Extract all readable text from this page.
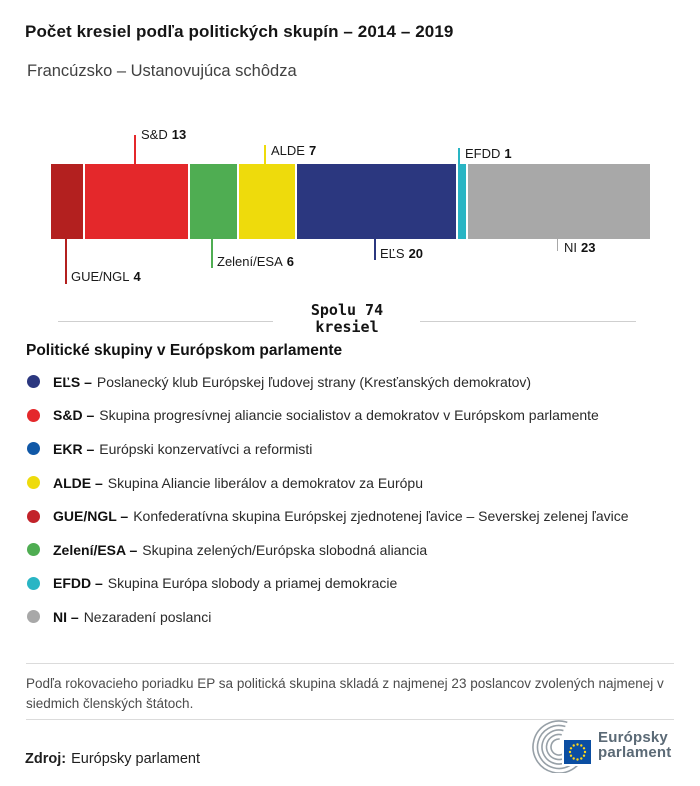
Počet kresiel podľa politických skupín – 2014 – 2019
Francúzsko – Ustanovujúca schôdza
S&D 13
ALDE 7	EFDD 1
GUE/NGL 4
Zelení/ESA 6
EĽS 20	NI 23
Spolu 74
kresiel
Politické skupiny v Európskom parlamente
EĽS – Poslanecký klub Európskej ľudovej strany (Kresťanských demokratov)
S&D – Skupina progresívnej aliancie socialistov a demokratov v Európskom parlamente
EKR – Európski konzervatívci a reformisti
ALDE – Skupina Aliancie liberálov a demokratov za Európu
GUE/NGL – Konfederatívna skupina Európskej zjednotenej ľavice – Severskej zelenej ľavice
Zelení/ESA – Skupina zelených/Európska slobodná aliancia
EFDD – Skupina Európa slobody a priamej demokracie
NI – Nezaradení poslanci
Podľa rokovacieho poriadku EP sa politická skupina skladá z najmenej 23 poslancov zvolených najmenej v siedmich členských štátoch.
Zdroj: Európsky parlament
Európsky
parlament
